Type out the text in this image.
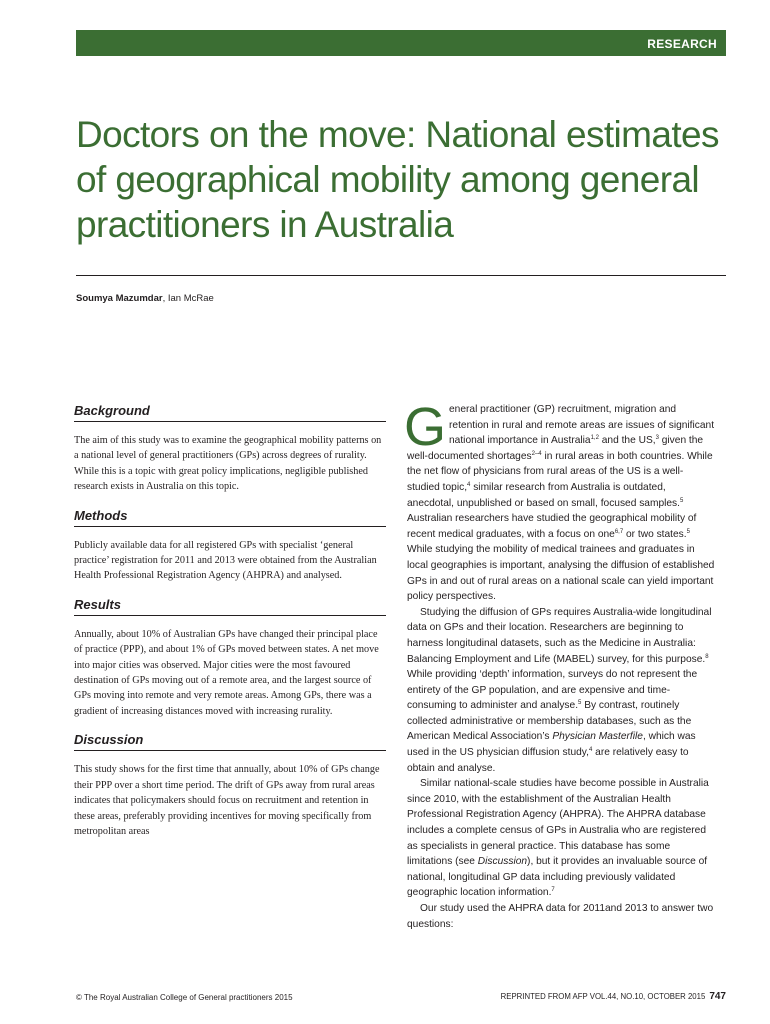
RESEARCH
Doctors on the move: National estimates of geographical mobility among general practitioners in Australia
Soumya Mazumdar, Ian McRae
Background

The aim of this study was to examine the geographical mobility patterns on a national level of general practitioners (GPs) across degrees of rurality. While this is a topic with great policy implications, negligible published research exists in Australia on this topic.

Methods

Publicly available data for all registered GPs with specialist ‘general practice’ registration for 2011 and 2013 were obtained from the Australian Health Professional Registration Agency (AHPRA) and analysed.

Results

Annually, about 10% of Australian GPs have changed their principal place of practice (PPP), and about 1% of GPs moved between states. A net move into major cities was observed. Major cities were the most favoured destination of GPs moving out of a remote area, and the largest source of GPs moving into remote and very remote areas. Among GPs, there was a gradient of increasing distances moved with increasing rurality.

Discussion

This study shows for the first time that annually, about 10% of GPs change their PPP over a short time period. The drift of GPs away from rural areas indicates that policymakers should focus on recruitment and retention in these areas, preferably providing incentives for moving specifically from metropolitan areas

General practitioner (GP) recruitment, migration and retention in rural and remote areas are issues of significant national importance in Australia$^{1,2}$ and the US,$^3$ given the well-documented shortages$^{2-4}$ in rural areas in both countries. While the net flow of physicians from rural areas of the US is a well-studied topic,$^4$ similar research from Australia is outdated, anecdotal, unpublished or based on small, focused samples.$^5$ Australian researchers have studied the geographical mobility of recent medical graduates, with a focus on one$^{6,7}$ or two states.$^5$ While studying the mobility of medical trainees and graduates in local geographies is important, analysing the diffusion of established GPs in and out of rural areas on a national scale can yield important policy perspectives.

Studying the diffusion of GPs requires Australia-wide longitudinal data on GPs and their location. Researchers are beginning to harness longitudinal datasets, such as the Medicine in Australia: Balancing Employment and Life (MABEL) survey, for this purpose.$^8$ While providing ‘depth’ information, surveys do not represent the entirety of the GP population, and are expensive and time-consuming to administer and analyse.$^5$ By contrast, routinely collected administrative or membership databases, such as the American Medical Association’s Physician Masterfile, which was used in the US physician diffusion study,$^4$ are relatively easy to obtain and analyse.

Similar national-scale studies have become possible in Australia since 2010, with the establishment of the Australian Health Professional Registration Agency (AHPRA). The AHPRA database includes a complete census of GPs in Australia who are registered as specialists in general practice. This database has some limitations (see Discussion), but it provides an invaluable source of national, longitudinal GP data including previously validated geographic location information.$^7$

Our study used the AHPRA data for 2011and 2013 to answer two questions:

© The Royal Australian College of General practitioners 2015	REPRINTED FROM AFP VOL.44, NO.10, OCTOBER 2015 747
